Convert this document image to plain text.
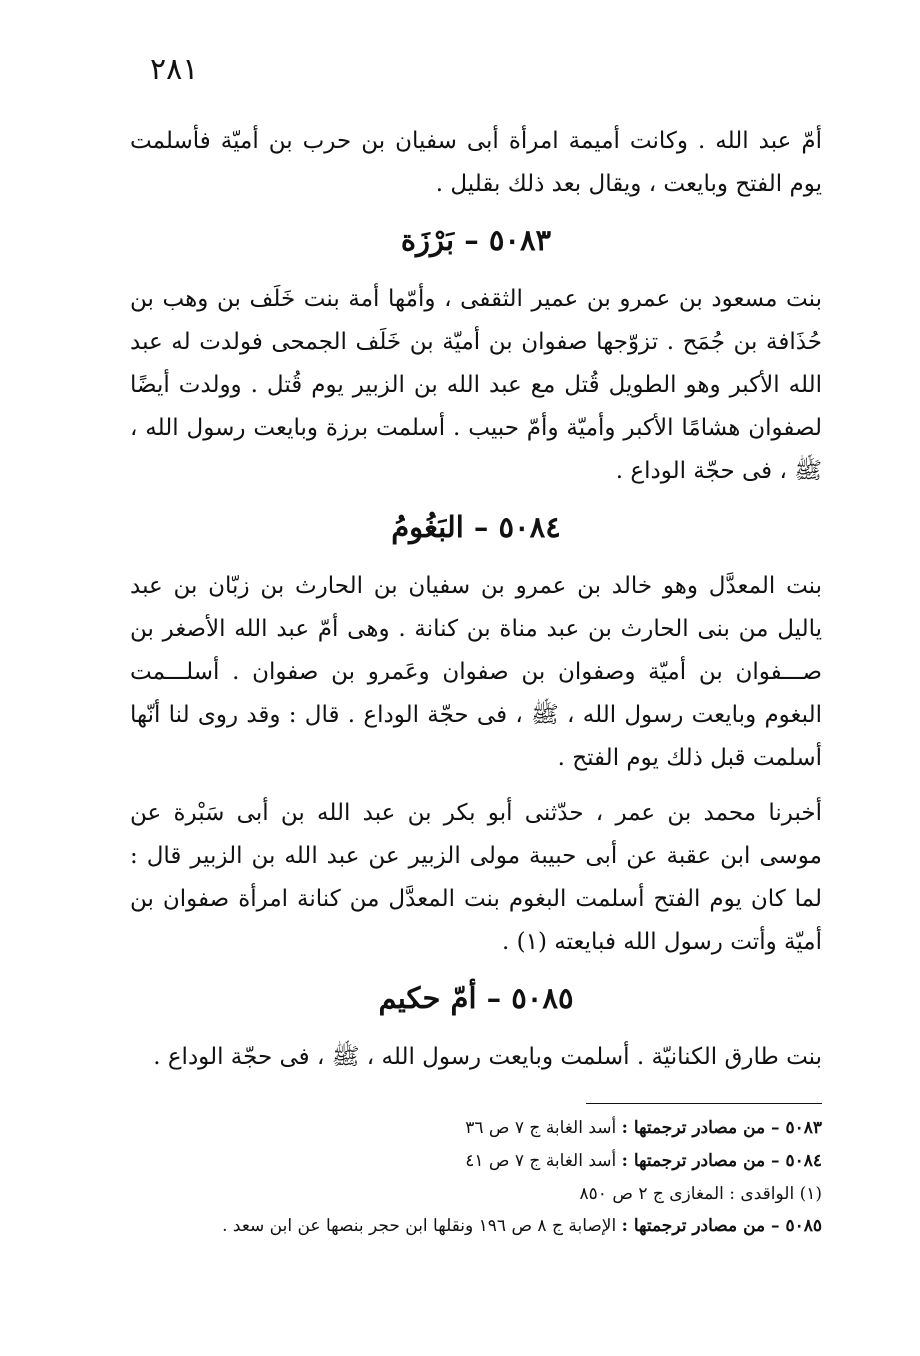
٢٨١

أمّ عبد الله . وكانت أميمة امرأة أبى سفيان بن حرب بن أميّة فأسلمت يوم الفتح وبايعت ، ويقال بعد ذلك بقليل .

٥٠٨٣ – بَرْزَة

بنت مسعود بن عمرو بن عمير الثقفى ، وأمّها أمة بنت خَلَف بن وهب بن حُذَافة بن جُمَح . تزوّجها صفوان بن أميّة بن خَلَف الجمحى فولدت له عبد الله الأكبر وهو الطويل قُتل مع عبد الله بن الزبير يوم قُتل . وولدت أيضًا لصفوان هشامًا الأكبر وأميّة وأمّ حبيب . أسلمت برزة وبايعت رسول الله ، ﷺ ، فى حجّة الوداع .

٥٠٨٤ – البَغُومُ

بنت المعدَّل وهو خالد بن عمرو بن سفيان بن الحارث بن زبّان بن عبد ياليل من بنى الحارث بن عبد مناة بن كنانة . وهى أمّ عبد الله الأصغر بن صـــفوان بن أميّة وصفوان بن صفوان وعَمرو بن صفوان . أسلـــمت البغوم وبايعت رسول الله ، ﷺ ، فى حجّة الوداع . قال : وقد روى لنا أنّها أسلمت قبل ذلك يوم الفتح .

أخبرنا محمد بن عمر ، حدّثنى أبو بكر بن عبد الله بن أبى سَبْرة عن موسى ابن عقبة عن أبى حبيبة مولى الزبير عن عبد الله بن الزبير قال : لما كان يوم الفتح أسلمت البغوم بنت المعدَّل من كنانة امرأة صفوان بن أميّة وأتت رسول الله فبايعته (١) .

٥٠٨٥ – أمّ حكيم

بنت طارق الكنانيّة . أسلمت وبايعت رسول الله ، ﷺ ، فى حجّة الوداع .

٥٠٨٣ – من مصادر ترجمتها : أسد الغابة ج ٧ ص ٣٦

٥٠٨٤ – من مصادر ترجمتها : أسد الغابة ج ٧ ص ٤١

(١) الواقدى : المغازى ج ٢ ص ٨٥٠

٥٠٨٥ – من مصادر ترجمتها : الإصابة ج ٨ ص ١٩٦ ونقلها ابن حجر بنصها عن ابن سعد .
